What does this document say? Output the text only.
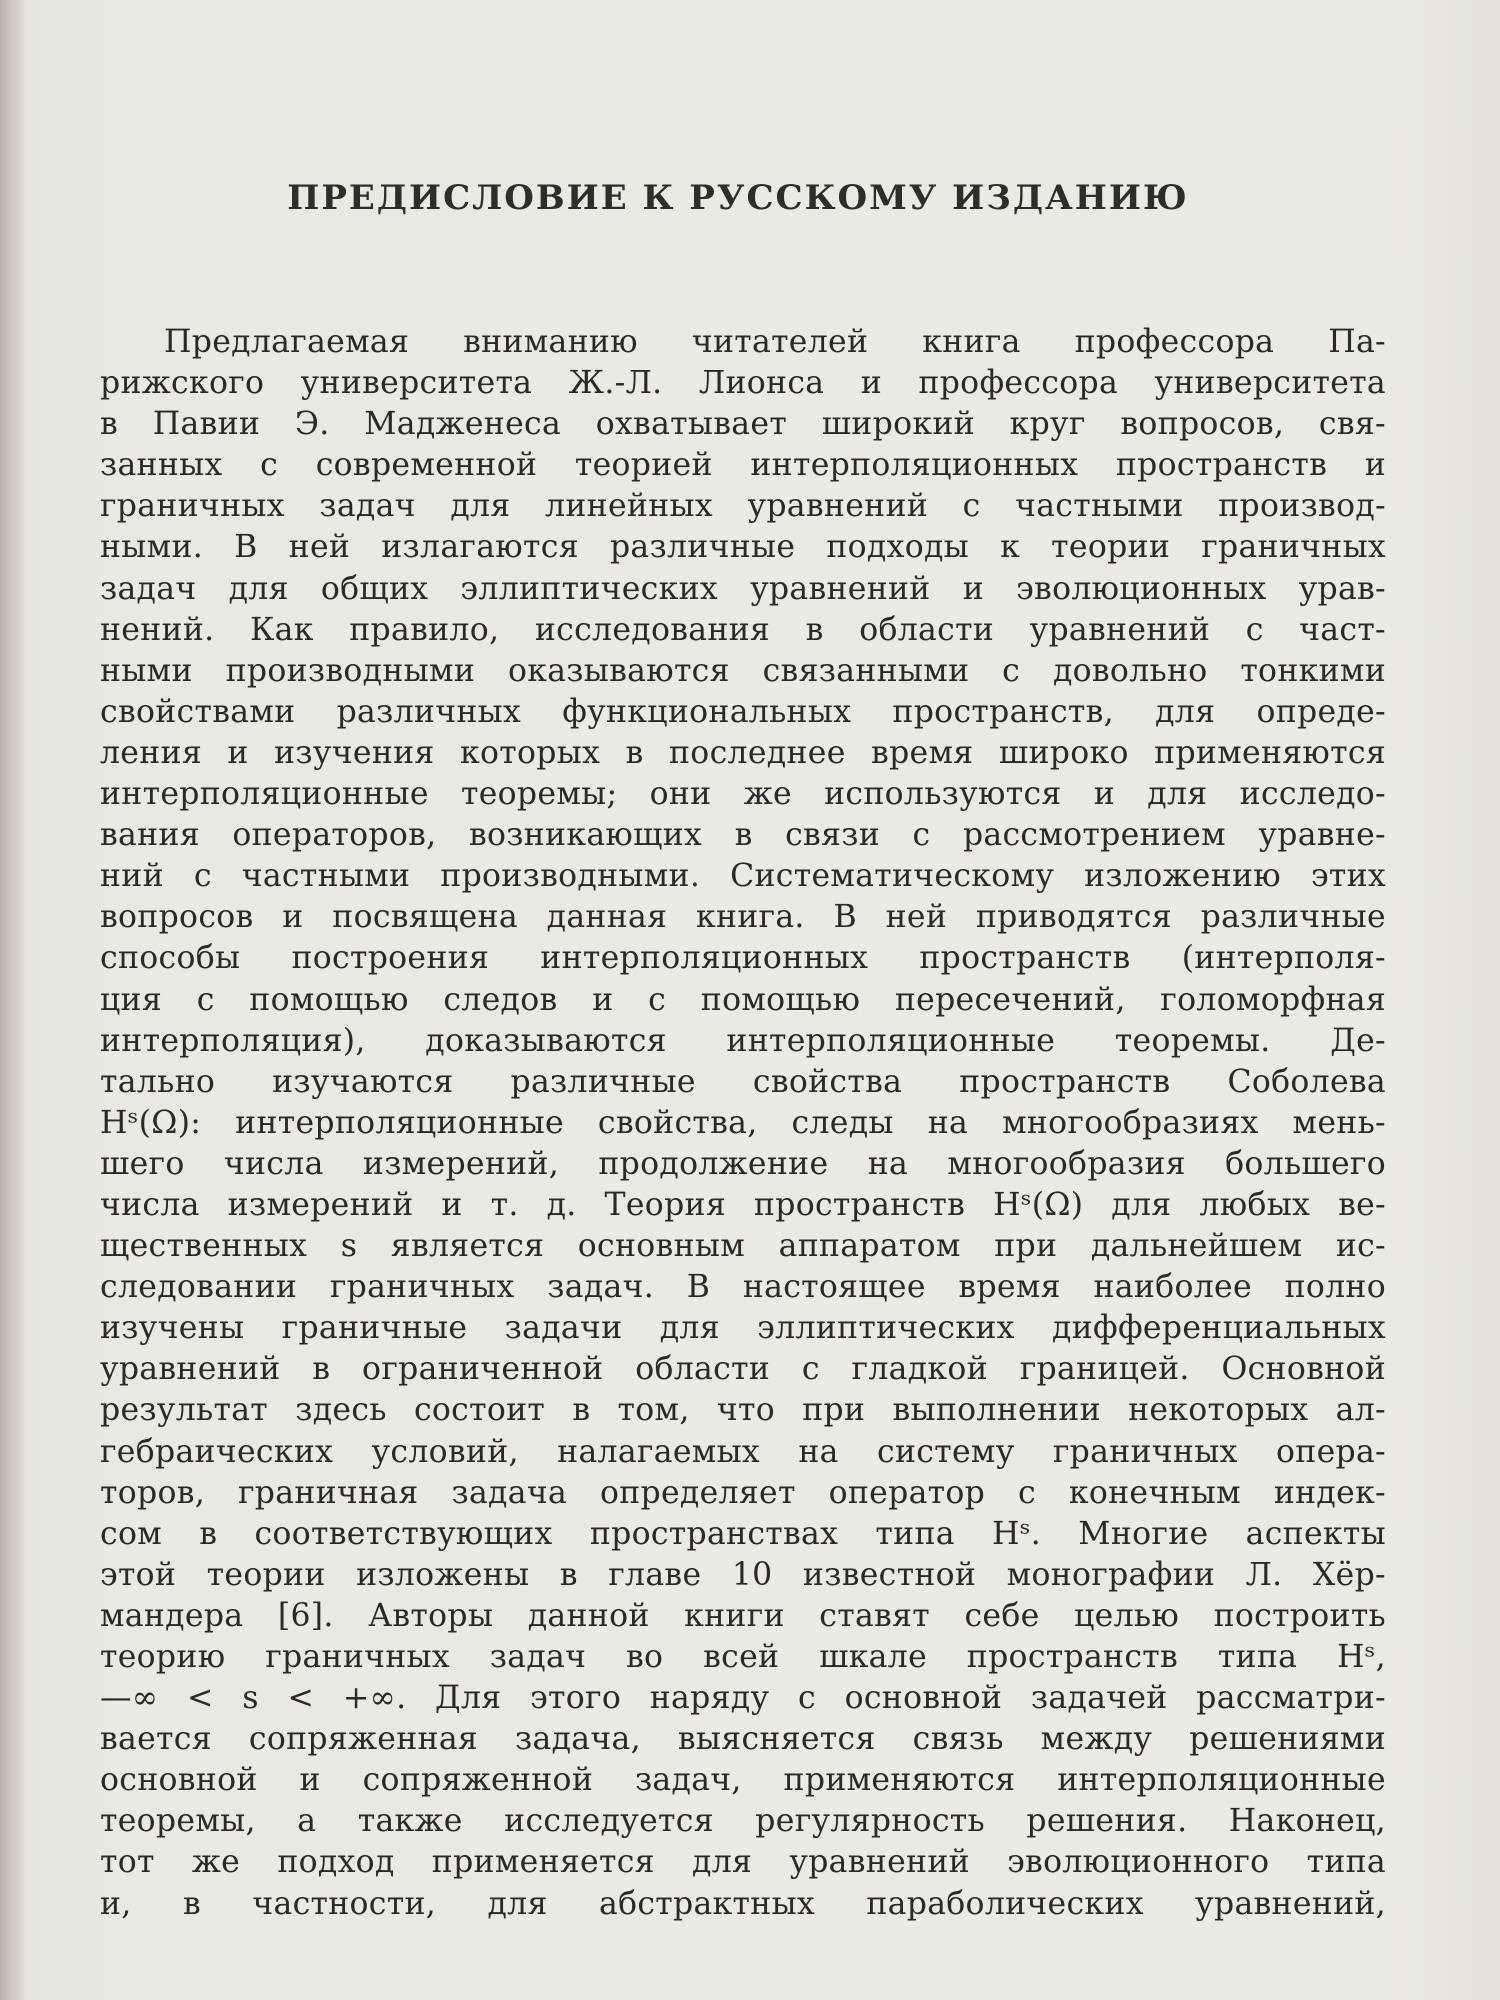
ПРЕДИСЛОВИЕ К РУССКОМУ ИЗДАНИЮ
Предлагаемая вниманию читателей книга профессора Па-
рижского университета Ж.-Л. Лионса и профессора университета
в Павии Э. Мадженеса охватывает широкий круг вопросов, свя-
занных с современной теорией интерполяционных пространств и
граничных задач для линейных уравнений с частными производ-
ными. В ней излагаются различные подходы к теории граничных
задач для общих эллиптических уравнений и эволюционных урав-
нений. Как правило, исследования в области уравнений с част-
ными производными оказываются связанными с довольно тонкими
свойствами различных функциональных пространств, для опреде-
ления и изучения которых в последнее время широко применяются
интерполяционные теоремы; они же используются и для исследо-
вания операторов, возникающих в связи с рассмотрением уравне-
ний с частными производными. Систематическому изложению этих
вопросов и посвящена данная книга. В ней приводятся различные
способы построения интерполяционных пространств (интерполя-
ция с помощью следов и с помощью пересечений, голоморфная
интерполяция), доказываются интерполяционные теоремы. Де-
тально изучаются различные свойства пространств Соболева
Hˢ(Ω): интерполяционные свойства, следы на многообразиях мень-
шего числа измерений, продолжение на многообразия большего
числа измерений и т. д. Теория пространств Hˢ(Ω) для любых ве-
щественных s является основным аппаратом при дальнейшем ис-
следовании граничных задач. В настоящее время наиболее полно
изучены граничные задачи для эллиптических дифференциальных
уравнений в ограниченной области с гладкой границей. Основной
результат здесь состоит в том, что при выполнении некоторых ал-
гебраических условий, налагаемых на систему граничных опера-
торов, граничная задача определяет оператор с конечным индек-
сом в соответствующих пространствах типа Hˢ. Многие аспекты
этой теории изложены в главе 10 известной монографии Л. Хёр-
мандера [6]. Авторы данной книги ставят себе целью построить
теорию граничных задач во всей шкале пространств типа Hˢ,
—∞ < s < +∞. Для этого наряду с основной задачей рассматри-
вается сопряженная задача, выясняется связь между решениями
основной и сопряженной задач, применяются интерполяционные
теоремы, а также исследуется регулярность решения. Наконец,
тот же подход применяется для уравнений эволюционного типа
и, в частности, для абстрактных параболических уравнений,
